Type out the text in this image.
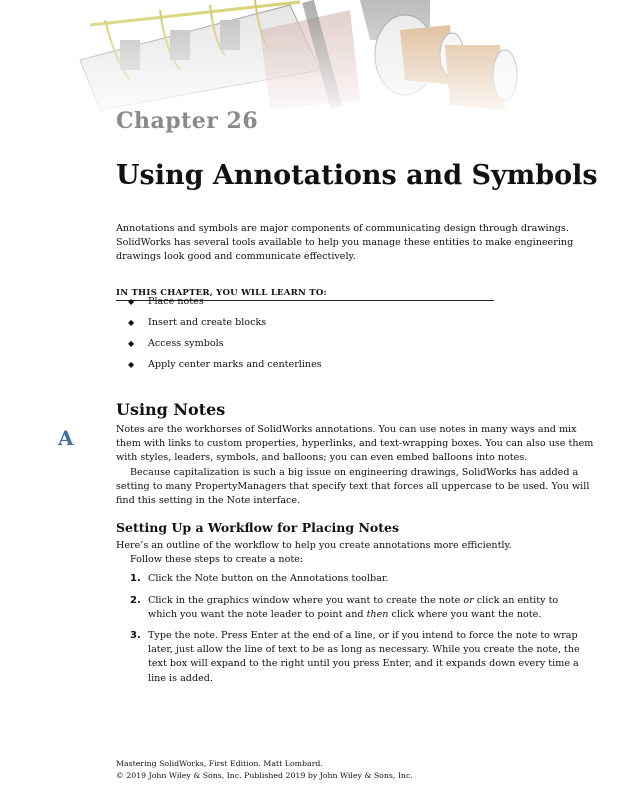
Chapter 26
Using Annotations and Symbols

Annotations and symbols are major components of communicating design through drawings. SolidWorks has several tools available to help you manage these entities to make engineering drawings look good and communicate effectively.

IN THIS CHAPTER, YOU WILL LEARN TO:
◆ Place notes
◆ Insert and create blocks
◆ Access symbols
◆ Apply center marks and centerlines
Using Notes
A	Notes are the workhorses of SolidWorks annotations. You can use notes in many ways and mix them with links to custom properties, hyperlinks, and text-wrapping boxes. You can also use them with styles, leaders, symbols, and balloons; you can even embed balloons into notes.

Because capitalization is such a big issue on engineering drawings, SolidWorks has added a setting to many PropertyManagers that specify text that forces all uppercase to be used. You will find this setting in the Note interface.

Setting Up a Workflow for Placing Notes

Here’s an outline of the workflow to help you create annotations more efficiently.

Follow these steps to create a note:

1. Click the Note button on the Annotations toolbar.
2. Click in the graphics window where you want to create the note or click an entity to which you want the note leader to point and then click where you want the note.
3. Type the note. Press Enter at the end of a line, or if you intend to force the note to wrap later, just allow the line of text to be as long as necessary. While you create the note, the text box will expand to the right until you press Enter, and it expands down every time a line is added.
Mastering SolidWorks, First Edition. Matt Lombard.
© 2019 John Wiley & Sons, Inc. Published 2019 by John Wiley & Sons, Inc.
